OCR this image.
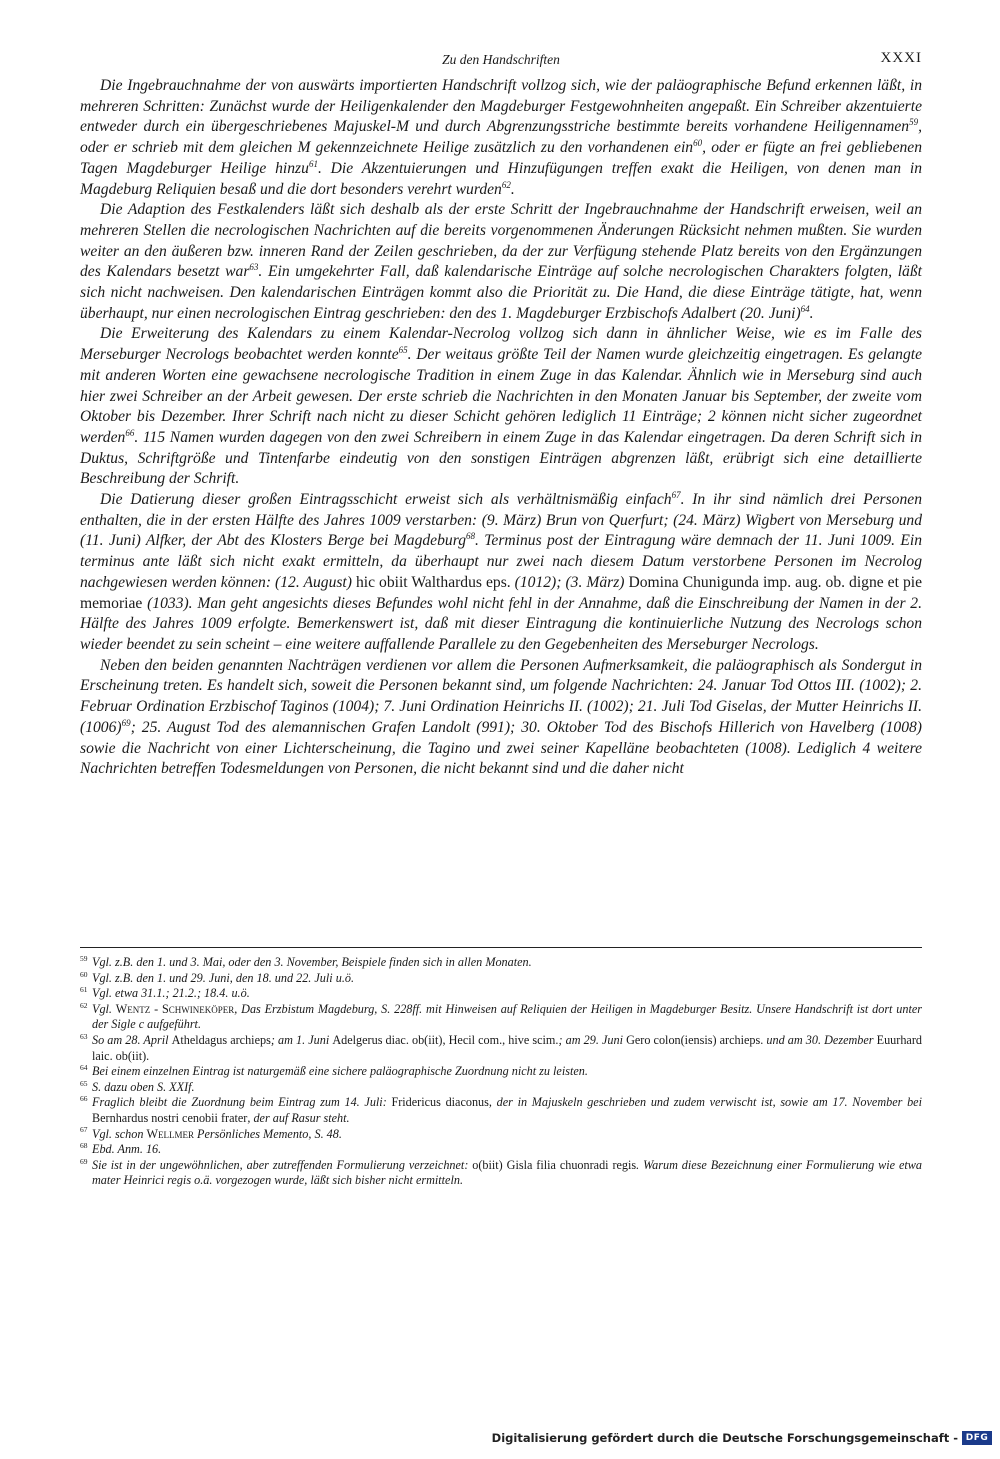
Zu den Handschriften	XXXI

Die Ingebrauchnahme der von auswärts importierten Handschrift vollzog sich, wie der paläographische Befund erkennen läßt, in mehreren Schritten: Zunächst wurde der Heiligenkalender den Magdeburger Festgewohnheiten angepaßt. Ein Schreiber akzentuierte entweder durch ein übergeschriebenes Majuskel-M und durch Abgrenzungsstriche bestimmte bereits vorhandene Heiligennamen$^{59}$, oder er schrieb mit dem gleichen M gekennzeichnete Heilige zusätzlich zu den vorhandenen ein$^{60}$, oder er fügte an frei gebliebenen Tagen Magdeburger Heilige hinzu$^{61}$. Die Akzentuierungen und Hinzufügungen treffen exakt die Heiligen, von denen man in Magdeburg Reliquien besaß und die dort besonders verehrt wurden$^{62}$.

Die Adaption des Festkalenders läßt sich deshalb als der erste Schritt der Ingebrauchnahme der Handschrift erweisen, weil an mehreren Stellen die necrologischen Nachrichten auf die bereits vorgenommenen Änderungen Rücksicht nehmen mußten. Sie wurden weiter an den äußeren bzw. inneren Rand der Zeilen geschrieben, da der zur Verfügung stehende Platz bereits von den Ergänzungen des Kalendars besetzt war$^{63}$. Ein umgekehrter Fall, daß kalendarische Einträge auf solche necrologischen Charakters folgten, läßt sich nicht nachweisen. Den kalendarischen Einträgen kommt also die Priorität zu. Die Hand, die diese Einträge tätigte, hat, wenn überhaupt, nur einen necrologischen Eintrag geschrieben: den des 1. Magdeburger Erzbischofs Adalbert (20. Juni)$^{64}$.

Die Erweiterung des Kalendars zu einem Kalendar-Necrolog vollzog sich dann in ähnlicher Weise, wie es im Falle des Merseburger Necrologs beobachtet werden konnte$^{65}$. Der weitaus größte Teil der Namen wurde gleichzeitig eingetragen. Es gelangte mit anderen Worten eine gewachsene necrologische Tradition in einem Zuge in das Kalendar. Ähnlich wie in Merseburg sind auch hier zwei Schreiber an der Arbeit gewesen. Der erste schrieb die Nachrichten in den Monaten Januar bis September, der zweite vom Oktober bis Dezember. Ihrer Schrift nach nicht zu dieser Schicht gehören lediglich 11 Einträge; 2 können nicht sicher zugeordnet werden$^{66}$. 115 Namen wurden dagegen von den zwei Schreibern in einem Zuge in das Kalendar eingetragen. Da deren Schrift sich in Duktus, Schriftgröße und Tintenfarbe eindeutig von den sonstigen Einträgen abgrenzen läßt, erübrigt sich eine detaillierte Beschreibung der Schrift.

Die Datierung dieser großen Eintragsschicht erweist sich als verhältnismäßig einfach$^{67}$. In ihr sind nämlich drei Personen enthalten, die in der ersten Hälfte des Jahres 1009 verstarben: (9. März) Brun von Querfurt; (24. März) Wigbert von Merseburg und (11. Juni) Alfker, der Abt des Klosters Berge bei Magdeburg$^{68}$. Terminus post der Eintragung wäre demnach der 11. Juni 1009. Ein terminus ante läßt sich nicht exakt ermitteln, da überhaupt nur zwei nach diesem Datum verstorbene Personen im Necrolog nachgewiesen werden können: (12. August) hic obiit Walthardus eps. (1012); (3. März) Domina Chunigunda imp. aug. ob. digne et pie memoriae (1033). Man geht angesichts dieses Befundes wohl nicht fehl in der Annahme, daß die Einschreibung der Namen in der 2. Hälfte des Jahres 1009 erfolgte. Bemerkenswert ist, daß mit dieser Eintragung die kontinuierliche Nutzung des Necrologs schon wieder beendet zu sein scheint – eine weitere auffallende Parallele zu den Gegebenheiten des Merseburger Necrologs.

Neben den beiden genannten Nachträgen verdienen vor allem die Personen Aufmerksamkeit, die paläographisch als Sondergut in Erscheinung treten. Es handelt sich, soweit die Personen bekannt sind, um folgende Nachrichten: 24. Januar Tod Ottos III. (1002); 2. Februar Ordination Erzbischof Taginos (1004); 7. Juni Ordination Heinrichs II. (1002); 21. Juli Tod Giselas, der Mutter Heinrichs II. $(1006)^{69}$; 25. August Tod des alemannischen Grafen Landolt (991); 30. Oktober Tod des Bischofs Hillerich von Havelberg (1008) sowie die Nachricht von einer Lichterscheinung, die Tagino und zwei seiner Kapelläne beobachteten (1008). Lediglich 4 weitere Nachrichten betreffen Todesmeldungen von Personen, die nicht bekannt sind und die daher nicht

$^{59}$ Vgl. z.B. den 1. und 3. Mai, oder den 3. November, Beispiele finden sich in allen Monaten.

$^{60}$ Vgl. z.B. den 1. und 29. Juni, den 18. und 22. Juli u.ö.

$^{61}$ Vgl. etwa 31.1.; 21.2.; 18.4. u.ö.

$^{62}$ Vgl. Wentz - Schwineköper, Das Erzbistum Magdeburg, S. 228ff. mit Hinweisen auf Reliquien der Heiligen in Magdeburger Besitz. Unsere Handschrift ist dort unter der Sigle c aufgeführt.

$^{63}$ So am 28. April Atheldagus archieps; am 1. Juni Adelgerus diac. ob(iit), Hecil com., hive scim.; am 29. Juni Gero colon(iensis) archieps. und am 30. Dezember Euurhard laic. ob(iit).

$^{64}$ Bei einem einzelnen Eintrag ist naturgemäß eine sichere paläographische Zuordnung nicht zu leisten.

$^{65}$ S. dazu oben S. XXIf.

$^{66}$ Fraglich bleibt die Zuordnung beim Eintrag zum 14. Juli: Fridericus diaconus, der in Majuskeln geschrieben und zudem verwischt ist, sowie am 17. November bei Bernhardus nostri cenobii frater, der auf Rasur steht.

$^{67}$ Vgl. schon Wellmer Persönliches Memento, S. 48.

$^{68}$ Ebd. Anm. 16.

$^{69}$ Sie ist in der ungewöhnlichen, aber zutreffenden Formulierung verzeichnet: o(biit) Gisla filia chuonradi regis. Warum diese Bezeichnung einer Formulierung wie etwa mater Heinrici regis o.ä. vorgezogen wurde, läßt sich bisher nicht ermitteln.

Digitalisierung gefördert durch die Deutsche Forschungsgemeinschaft - DFG
